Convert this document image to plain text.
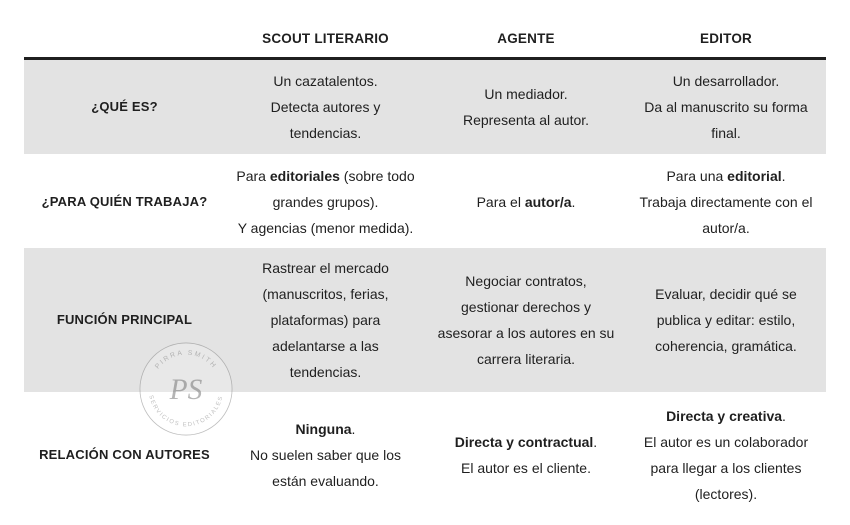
SCOUT LITERARIO	AGENTE	EDITOR
¿QUÉ ES?
Un cazatalentos.
Detecta autores y
tendencias.
Un mediador.
Representa al autor.
Un desarrollador.
Da al manuscrito su forma
final.
¿PARA QUIÉN TRABAJA?
Para editoriales (sobre todo
grandes grupos).
Y agencias (menor medida).
Para el autor/a.
Para una editorial.
Trabaja directamente con el
autor/a.
FUNCIÓN PRINCIPAL
Rastrear el mercado
(manuscritos, ferias,
plataformas) para
adelantarse a las
tendencias.
Negociar contratos,
gestionar derechos y
asesorar a los autores en su
carrera literaria.
Evaluar, decidir qué se
publica y editar: estilo,
coherencia, gramática.
RELACIÓN CON AUTORES
Ninguna.
No suelen saber que los
están evaluando.
Directa y contractual.
El autor es el cliente.
Directa y creativa.
El autor es un colaborador
para llegar a los clientes
(lectores).
PIRRA SMITH
SERVICIOS EDITORIALES
PS
